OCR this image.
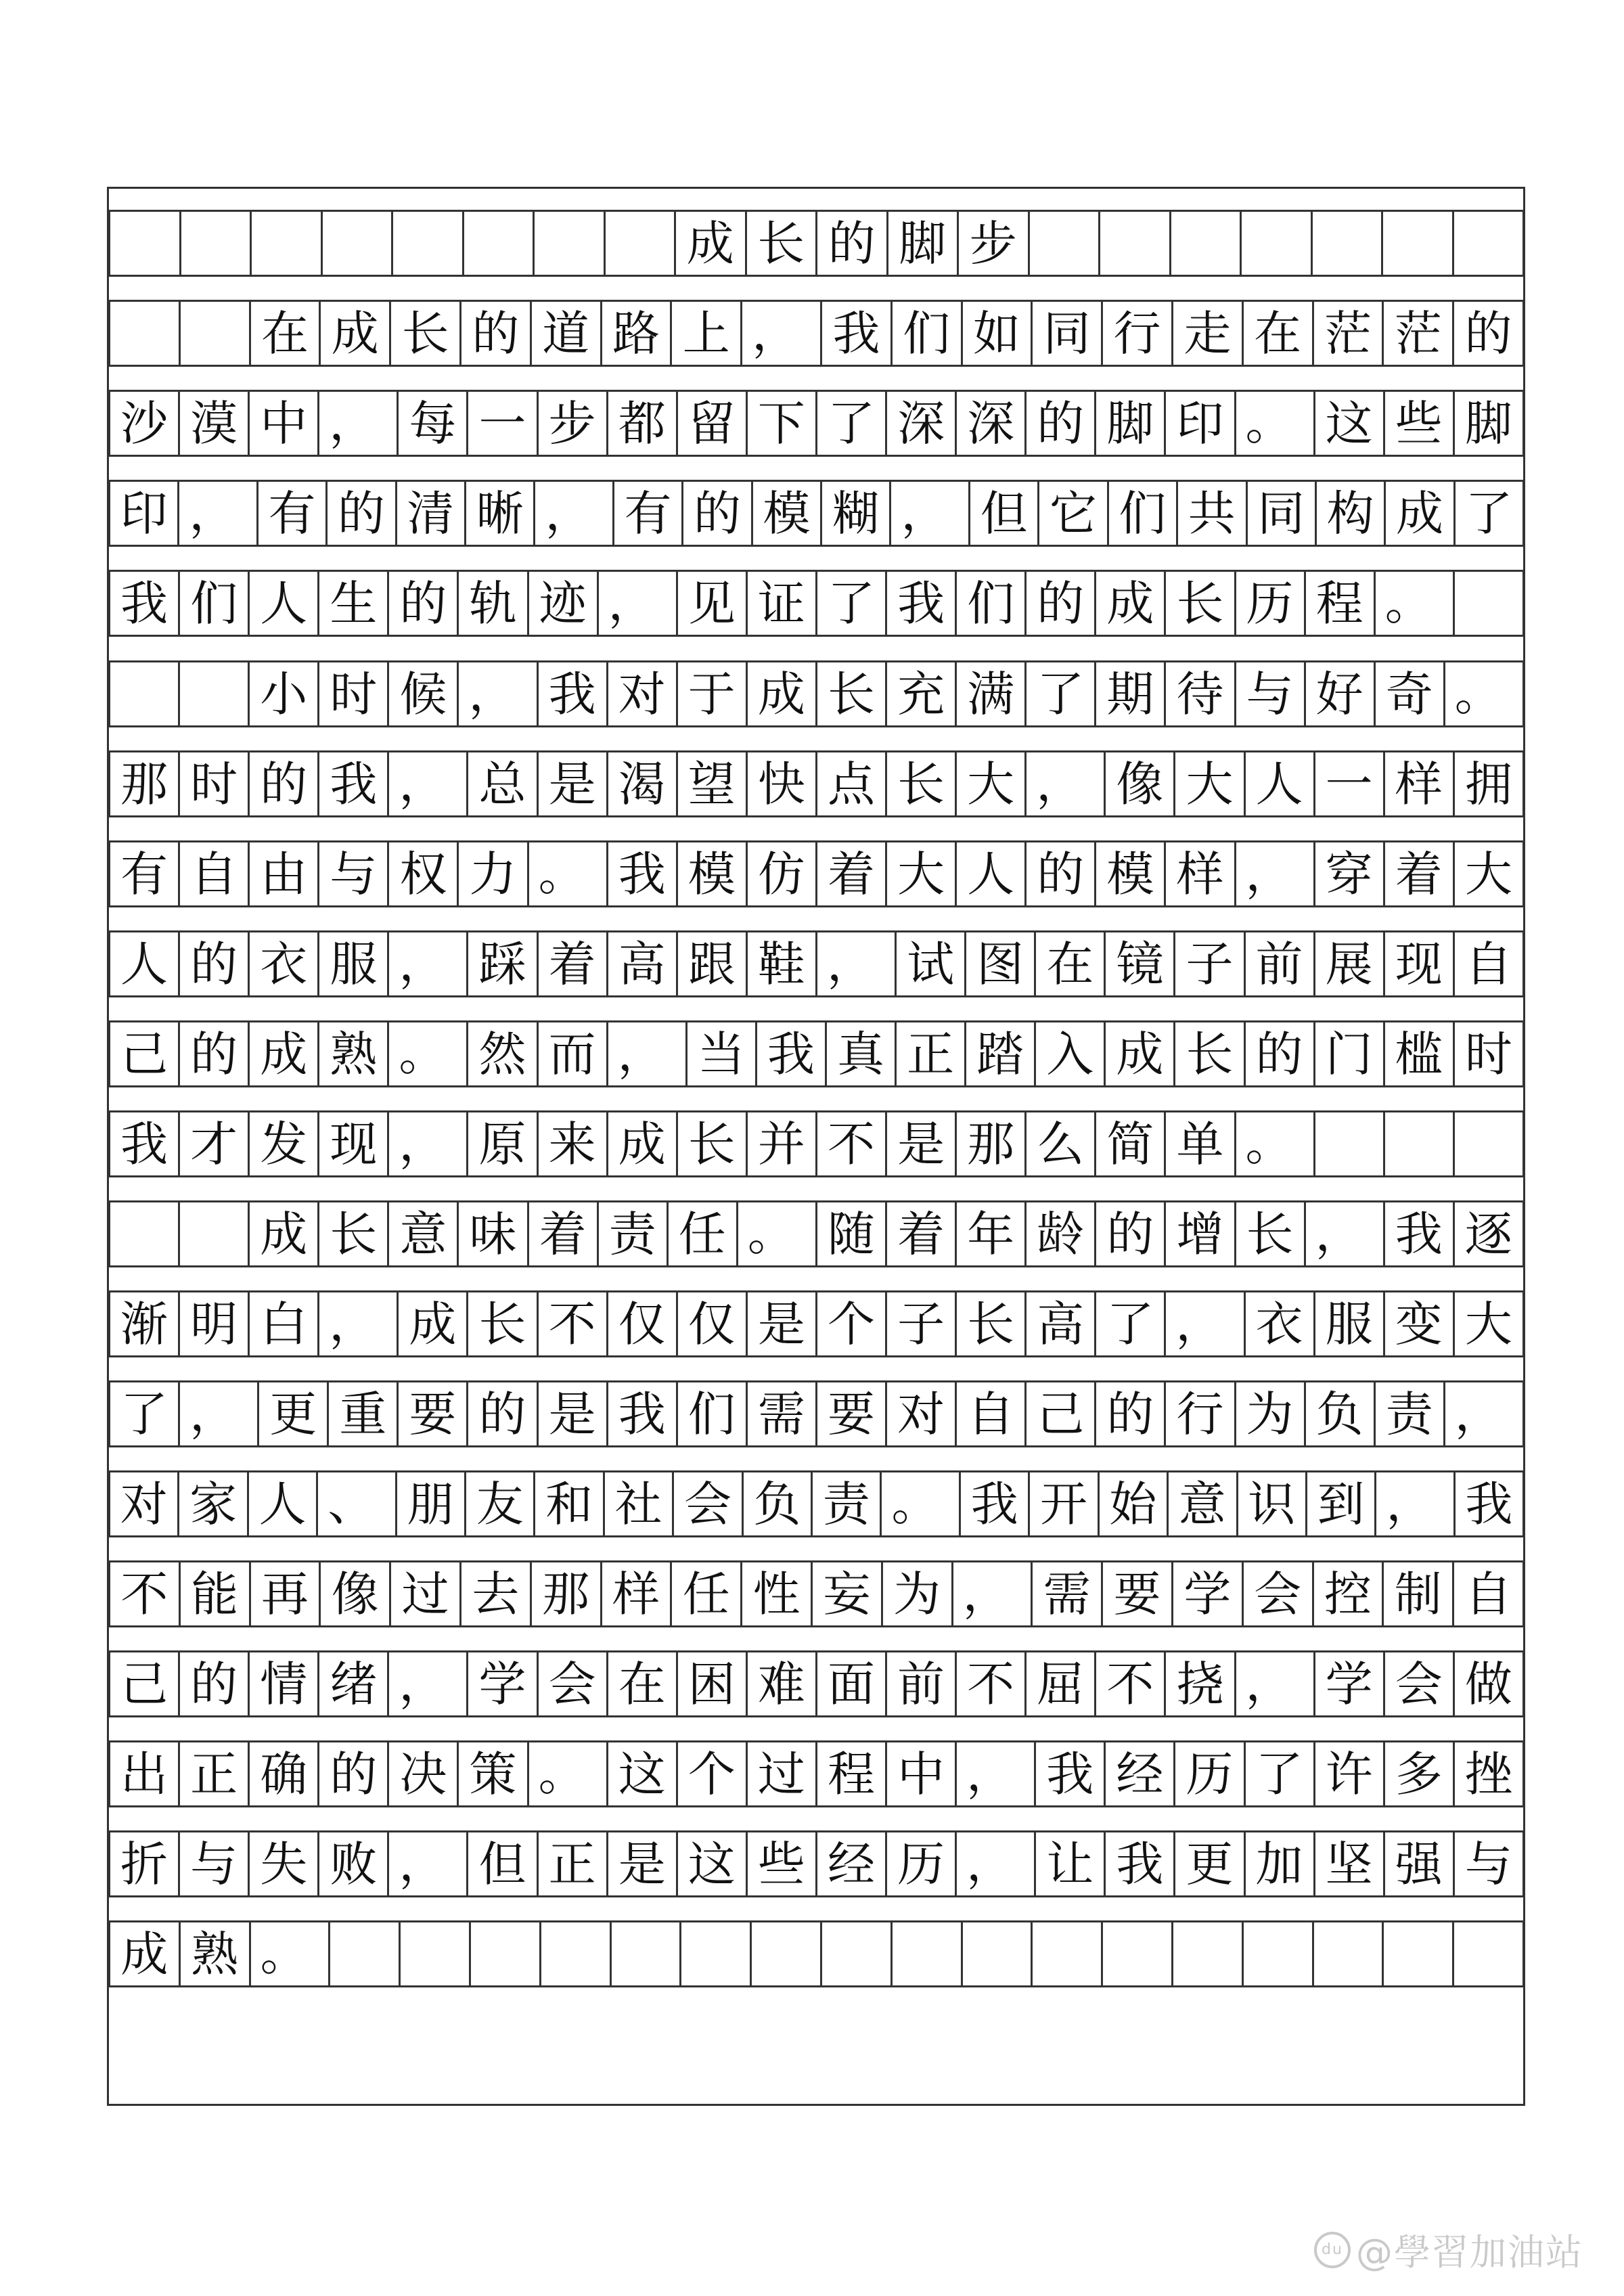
成 长 的 脚 步
在 成 长 的 道 路 上 ， 我 们 如 同 行 走 在 茫 茫 的
沙 漠 中 ， 每 一 步 都 留 下 了 深 深 的 脚 印 。 这 些 脚
印 ， 有 的 清 晰 ， 有 的 模 糊 ， 但 它 们 共 同 构 成 了
我 们 人 生 的 轨 迹 ， 见 证 了 我 们 的 成 长 历 程 。
小 时 候 ， 我 对 于 成 长 充 满 了 期 待 与 好 奇 。
那 时 的 我 ， 总 是 渴 望 快 点 长 大 ， 像 大 人 一 样 拥
有 自 由 与 权 力 。 我 模 仿 着 大 人 的 模 样 ， 穿 着 大
人 的 衣 服 ， 踩 着 高 跟 鞋 ， 试 图 在 镜 子 前 展 现 自
己 的 成 熟 。 然 而 ， 当 我 真 正 踏 入 成 长 的 门 槛 时
我 才 发 现 ， 原 来 成 长 并 不 是 那 么 简 单 。
成 长 意 味 着 责 任 。 随 着 年 龄 的 增 长 ， 我 逐
渐 明 白 ， 成 长 不 仅 仅 是 个 子 长 高 了 ， 衣 服 变 大
了 ， 更 重 要 的 是 我 们 需 要 对 自 己 的 行 为 负 责 ，
对 家 人 、 朋 友 和 社 会 负 责 。 我 开 始 意 识 到 ， 我
不 能 再 像 过 去 那 样 任 性 妄 为 ， 需 要 学 会 控 制 自
己 的 情 绪 ， 学 会 在 困 难 面 前 不 屈 不 挠 ， 学 会 做
出 正 确 的 决 策 。 这 个 过 程 中 ， 我 经 历 了 许 多 挫
折 与 失 败 ， 但 正 是 这 些 经 历 ， 让 我 更 加 坚 强 与
成 熟 。
du @學習加油站
